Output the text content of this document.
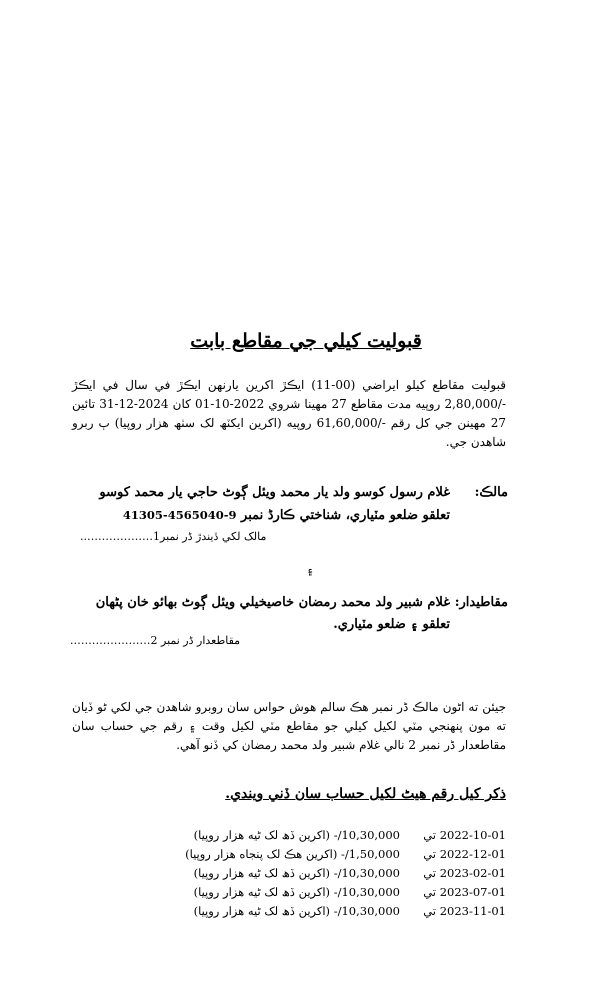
قبوليت کيلي جي مقاطع بابت

قبوليت مقاطع کيلو ايراضي (00-11) ايڪڙ اکرين يارنهن ايڪڙ في سال في ايڪڙ -/2,80,000 روپيه مدت مقاطع 27 مهينا شروي 2022-10-01 کان 2024-12-31 تائين 27 مهينن جي کل رقم -/61,60,000 روپيه (اکرين ايکٽھ لک سٺھ هزار روپيا) ٻ ربرو شاهدن جي.

مالڪ:
غلام رسول کوسو ولد يار محمد ويئل ڳوٹ حاجي يار محمد کوسو
تعلقو ضلعو مٽياري، شناختي ڪارڈ نمبر 41305-4565040-9
مالک لکي ڏيندڙ ڈر نمبر1………………..
۽
مقاطيدار:
غلام شبير ولد محمد رمضان خاصيخيلي ويئل ڳوٹ بهائو خان پٹهان
تعلقو ۽ ضلعو مٽياري.
مقاطعدار ڈر نمبر 2………………….

جيئن ته اٹون مالڪ ڈر نمبر هڪ سالم هوش حواس سان روبرو شاهدن جي لکي ٹو ڏيان ته مون پنهنجي مٽي لکيل کيلي جو مقاطع مٽي لکيل وقت ۽ رقم جي حساب سان مقاطعدار ڈر نمبر 2 نالي غلام شبير ولد محمد رمضان کي ڏنو آهي.

ذکر کيل رقم هيٹ لکيل حساب سان ڏني ويندي.
2022-10-01
تي
-/10,30,000 (اکرين ڏھ لک ٹيه هزار روپيا)
2022-12-01
تي
-/1,50,000 (اکرين هڪ لک پنجاه هزار روپيا)
2023-02-01
تي
-/10,30,000 (اکرين ڏھ لک ٹيه هزار روپيا)
2023-07-01
تي
-/10,30,000 (اکرين ڏھ لک ٹيه هزار روپيا)
2023-11-01
تي
-/10,30,000 (اکرين ڏھ لک ٹيه هزار روپيا)
